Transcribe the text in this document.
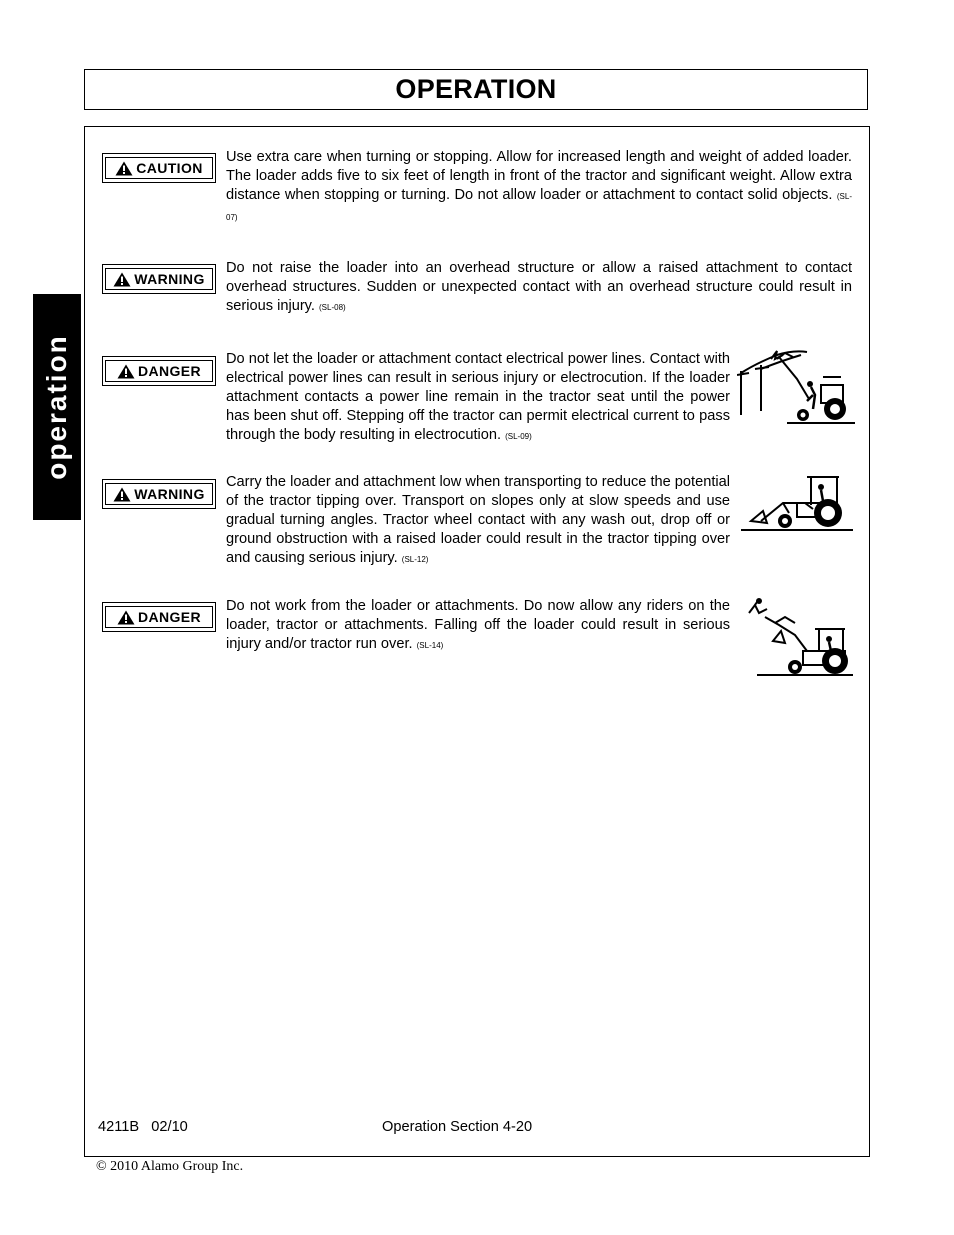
OPERATION
operation
CAUTION
Use extra care when turning or stopping. Allow for increased length and weight of added loader. The loader adds five to six feet of length in front of the tractor and significant weight. Allow extra distance when stopping or turning. Do not allow loader or attachment to contact solid objects. (SL-07)
WARNING
Do not raise the loader into an overhead structure or allow a raised attachment to contact overhead structures. Sudden or unexpected contact with an overhead structure could result in serious injury. (SL-08)
DANGER
Do not let the loader or attachment contact electrical power lines. Contact with electrical power lines can result in serious injury or electrocution. If the loader attachment contacts a power line remain in the tractor seat until the power has been shut off. Stepping off the tractor can permit electrical current to pass through the body resulting in electrocution. (SL-09)
WARNING
Carry the loader and attachment low when transporting to reduce the potential of the tractor tipping over. Transport on slopes only at slow speeds and use gradual turning angles. Tractor wheel contact with any wash out, drop off or ground obstruction with a raised loader could result in the tractor tipping over and causing serious injury. (SL-12)
DANGER
Do not work from the loader or attachments. Do now allow any riders on the loader, tractor or attachments. Falling off the loader could result in serious injury and/or tractor run over. (SL-14)
4211B   02/10	Operation Section 4-20
© 2010 Alamo Group Inc.
